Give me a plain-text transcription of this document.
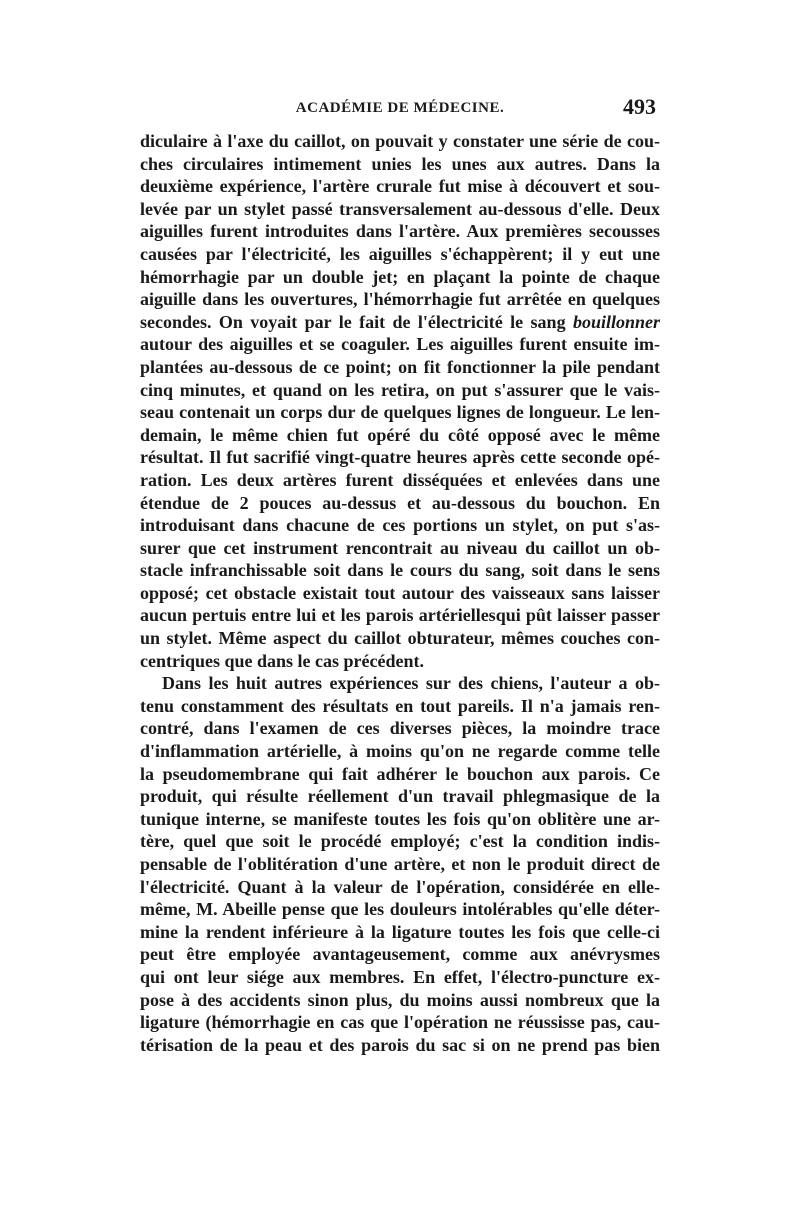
ACADÉMIE DE MÉDECINE.	493
diculaire à l'axe du caillot, on pouvait y constater une série de cou-
ches circulaires intimement unies les unes aux autres. Dans la
deuxième expérience, l'artère crurale fut mise à découvert et sou-
levée par un stylet passé transversalement au-dessous d'elle. Deux
aiguilles furent introduites dans l'artère. Aux premières secousses
causées par l'électricité, les aiguilles s'échappèrent; il y eut une
hémorrhagie par un double jet; en plaçant la pointe de chaque
aiguille dans les ouvertures, l'hémorrhagie fut arrêtée en quelques
secondes. On voyait par le fait de l'électricité le sang bouillonner
autour des aiguilles et se coaguler. Les aiguilles furent ensuite im-
plantées au-dessous de ce point; on fit fonctionner la pile pendant
cinq minutes, et quand on les retira, on put s'assurer que le vais-
seau contenait un corps dur de quelques lignes de longueur. Le len-
demain, le même chien fut opéré du côté opposé avec le même
résultat. Il fut sacrifié vingt-quatre heures après cette seconde opé-
ration. Les deux artères furent disséquées et enlevées dans une
étendue de 2 pouces au-dessus et au-dessous du bouchon. En
introduisant dans chacune de ces portions un stylet, on put s'as-
surer que cet instrument rencontrait au niveau du caillot un ob-
stacle infranchissable soit dans le cours du sang, soit dans le sens
opposé; cet obstacle existait tout autour des vaisseaux sans laisser
aucun pertuis entre lui et les parois artériellesqui pût laisser passer
un stylet. Même aspect du caillot obturateur, mêmes couches con-
centriques que dans le cas précédent.
Dans les huit autres expériences sur des chiens, l'auteur a ob-
tenu constamment des résultats en tout pareils. Il n'a jamais ren-
contré, dans l'examen de ces diverses pièces, la moindre trace
d'inflammation artérielle, à moins qu'on ne regarde comme telle
la pseudomembrane qui fait adhérer le bouchon aux parois. Ce
produit, qui résulte réellement d'un travail phlegmasique de la
tunique interne, se manifeste toutes les fois qu'on oblitère une ar-
tère, quel que soit le procédé employé; c'est la condition indis-
pensable de l'oblitération d'une artère, et non le produit direct de
l'électricité. Quant à la valeur de l'opération, considérée en elle-
même, M. Abeille pense que les douleurs intolérables qu'elle déter-
mine la rendent inférieure à la ligature toutes les fois que celle-ci
peut être employée avantageusement, comme aux anévrysmes
qui ont leur siége aux membres. En effet, l'électro-puncture ex-
pose à des accidents sinon plus, du moins aussi nombreux que la
ligature (hémorrhagie en cas que l'opération ne réussisse pas, cau-
térisation de la peau et des parois du sac si on ne prend pas bien
